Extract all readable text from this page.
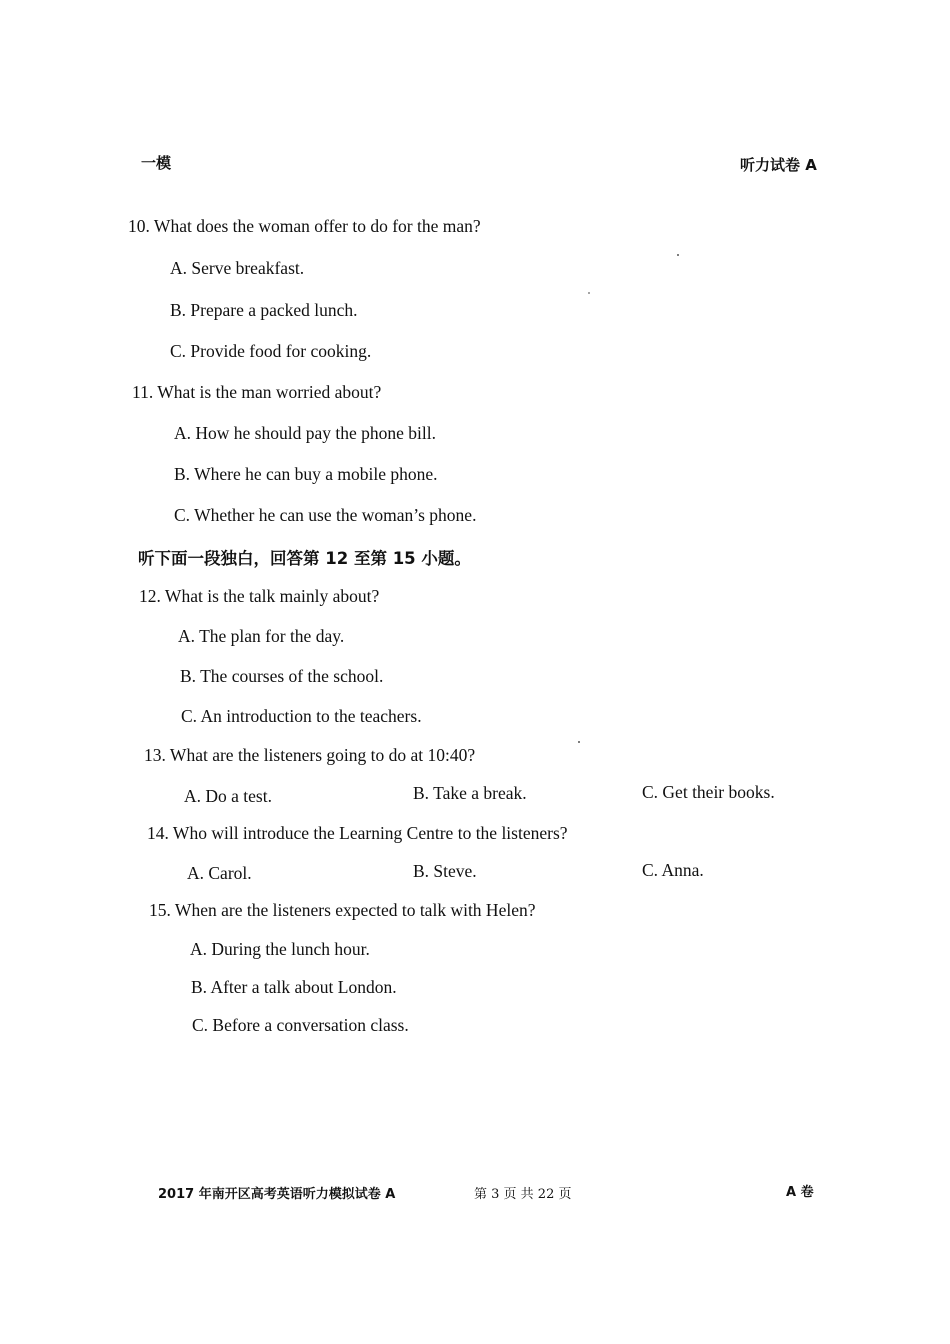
一模	听力试卷 A
10. What does the woman offer to do for the man?
A. Serve breakfast.
B. Prepare a packed lunch.
C. Provide food for cooking.
11. What is the man worried about?
A. How he should pay the phone bill.
B. Where he can buy a mobile phone.
C. Whether he can use the woman’s phone.
听下面一段独白，回答第 12 至第 15 小题。
12. What is the talk mainly about?
A. The plan for the day.
B. The courses of the school.
C. An introduction to the teachers.
13. What are the listeners going to do at 10:40?
A. Do a test.	B. Take a break.	C. Get their books.
14. Who will introduce the Learning Centre to the listeners?
A. Carol.	B. Steve.	C. Anna.
15. When are the listeners expected to talk with Helen?
A. During the lunch hour.
B. After a talk about London.
C. Before a conversation class.
2017 年南开区高考英语听力模拟试卷 A	第 3 页 共 22 页	A 卷
